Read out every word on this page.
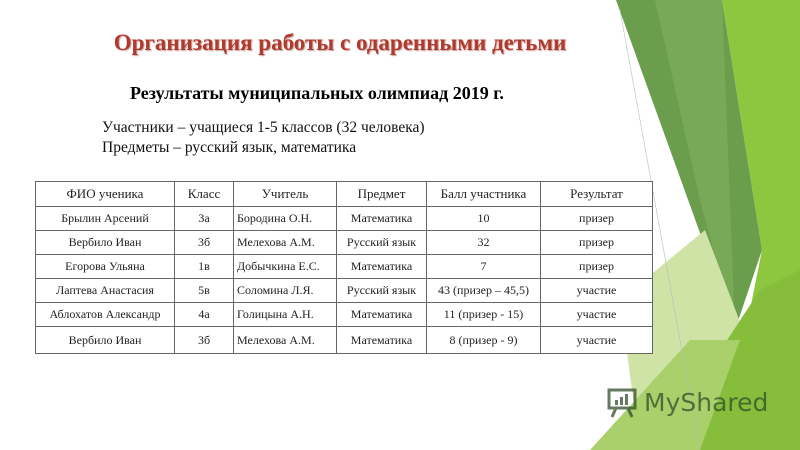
Организация работы с одаренными детьми
Результаты муниципальных олимпиад 2019 г.
Участники – учащиеся 1-5 классов (32 человека)
Предметы – русский язык, математика
ФИО ученика	Класс	Учитель	Предмет	Балл участника	Результат
Брылин Арсений	3а	Бородина О.Н.	Математика	10	призер
Вербило Иван	3б	Мелехова А.М.	Русский язык	32	призер
Егорова Ульяна	1в	Добычкина Е.С.	Математика	7	призер
Лаптева Анастасия	5в	Соломина Л.Я.	Русский язык	43 (призер – 45,5)	участие
Аблохатов Александр	4а	Голицына А.Н.	Математика	11 (призер - 15)	участие
Вербило Иван	3б	Мелехова А.М.	Математика	8 (призер - 9)	участие
MyShared
